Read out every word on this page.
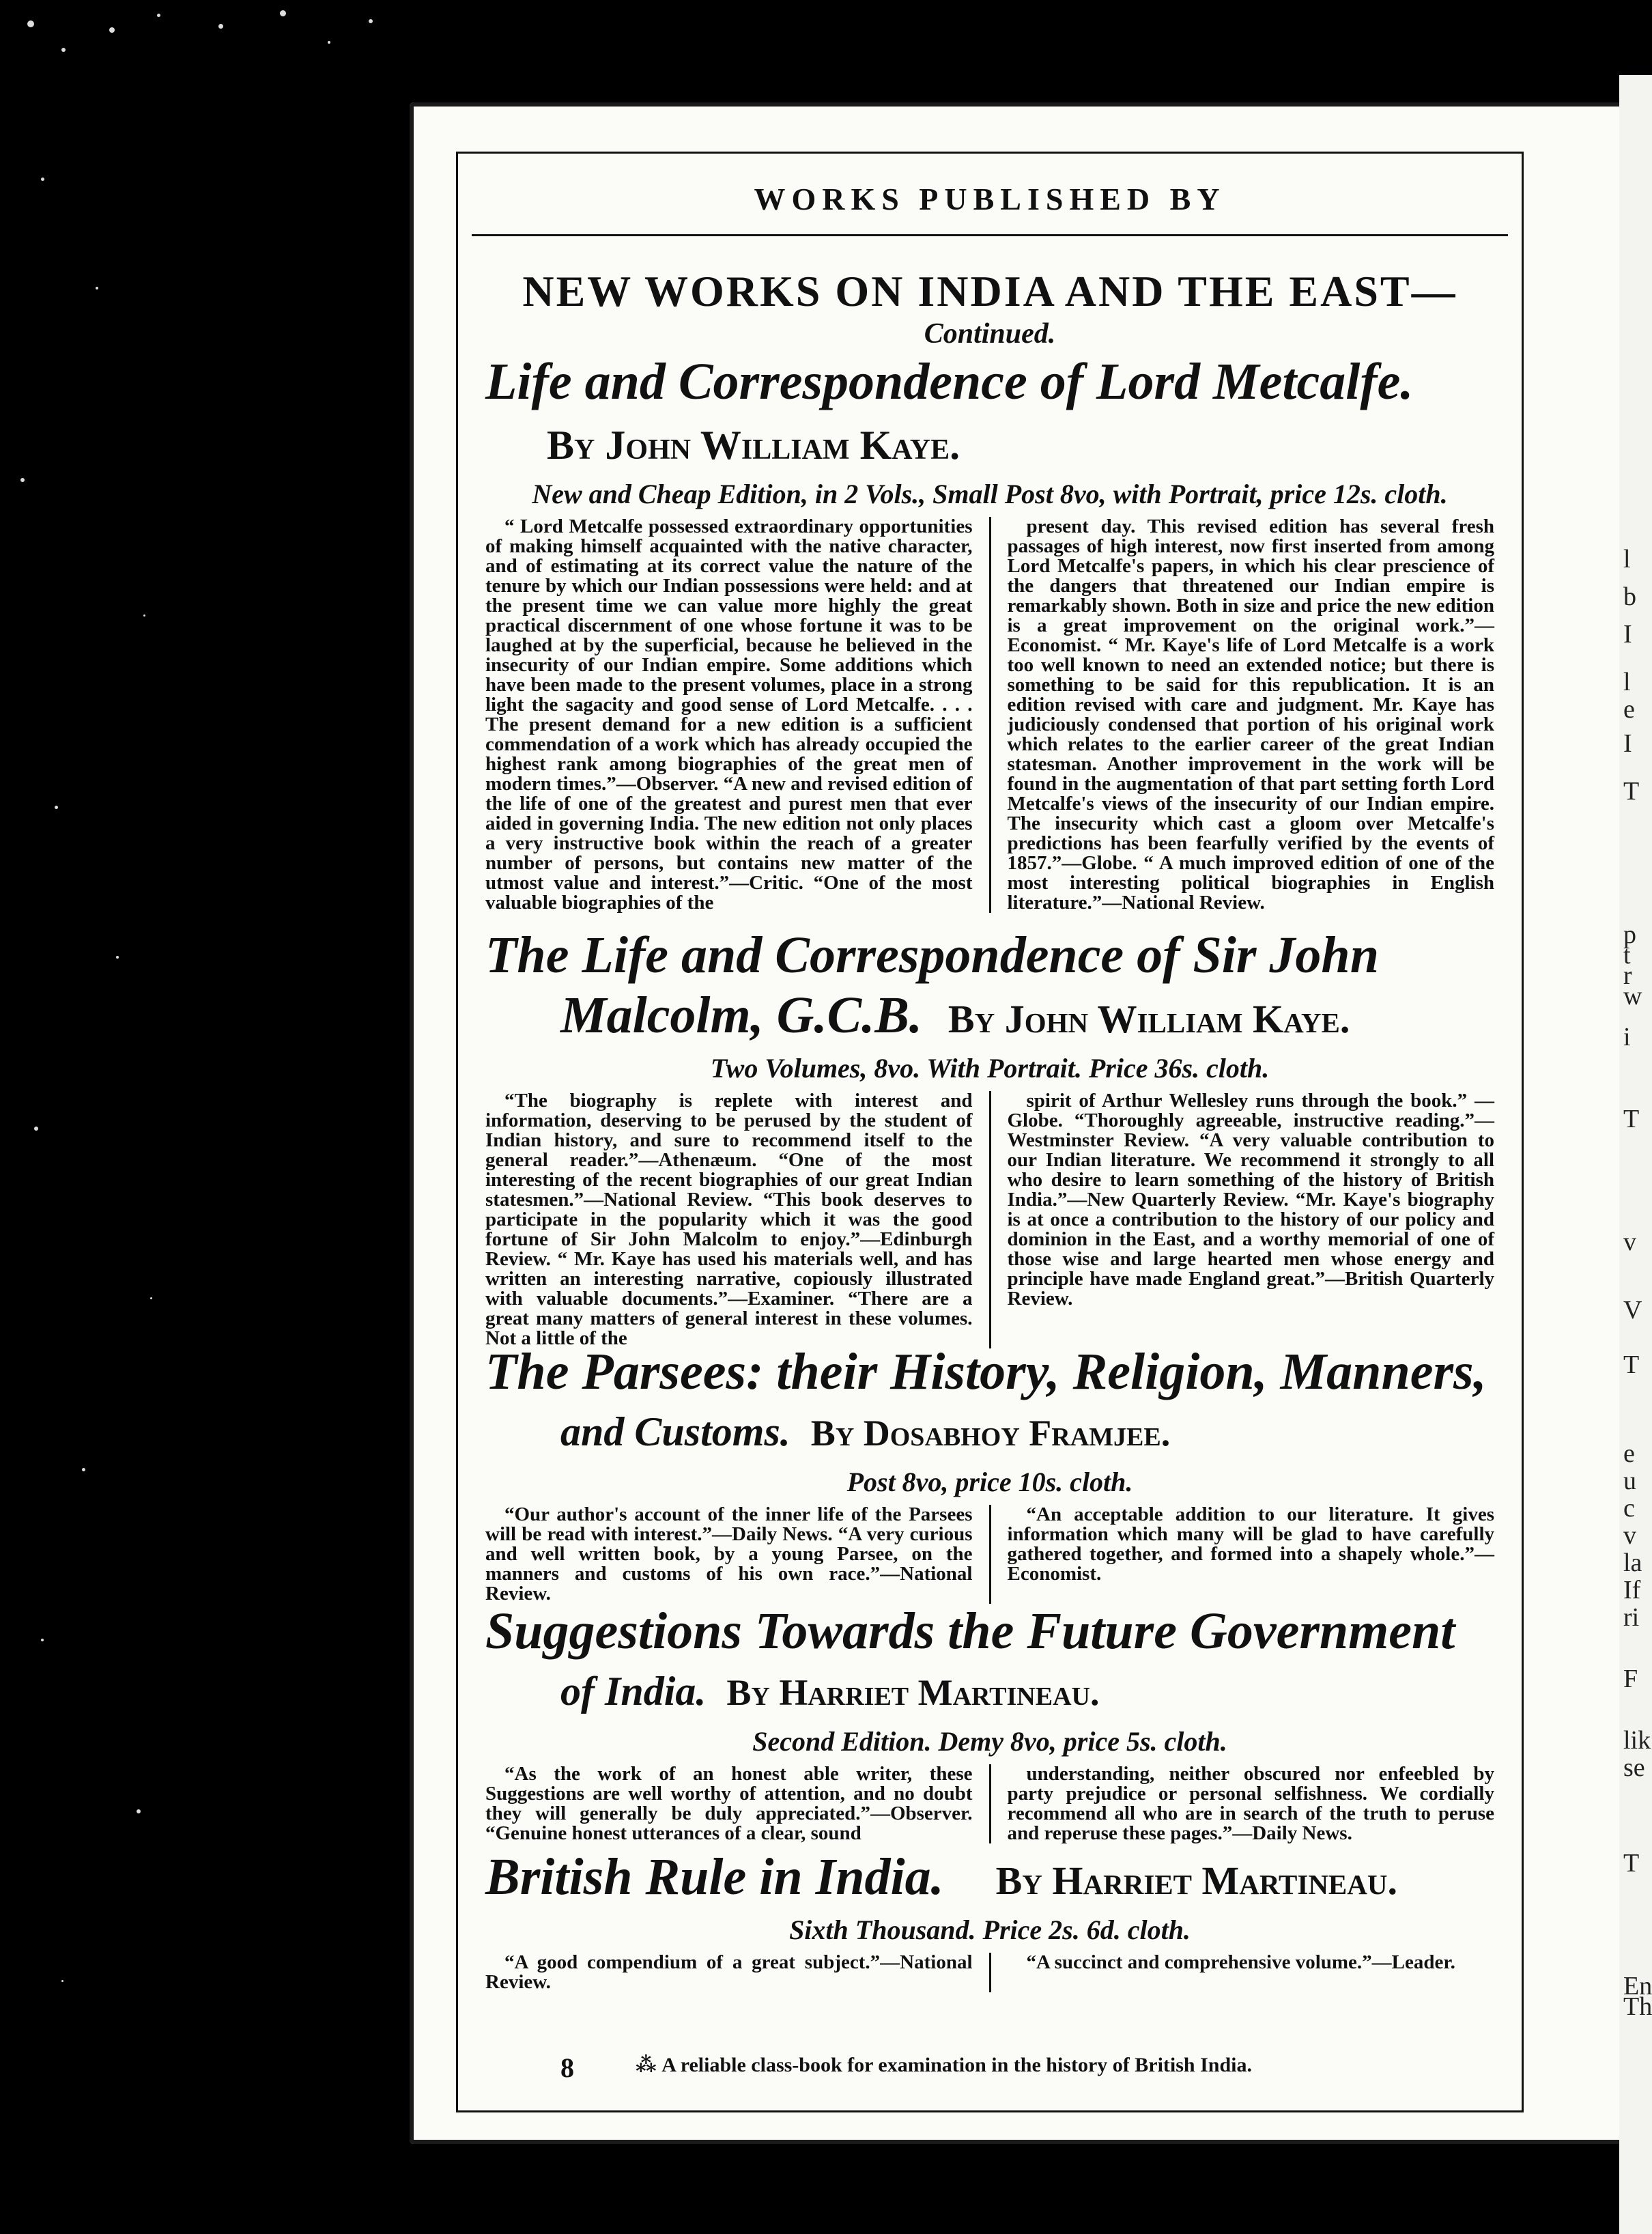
l
b
I
l
e
I
T
p
t
r
w
i
T
v
V
T
e
u
c
v
la
If
ri
F
lik
se
T
En
Th
WORKS PUBLISHED BY
NEW WORKS ON INDIA AND THE EAST—
Continued.
Life and Correspondence of Lord Metcalfe.
By John William Kaye.
New and Cheap Edition, in 2 Vols., Small Post 8vo, with Portrait, price 12s. cloth.

“ Lord Metcalfe possessed extraordinary opportunities of making himself acquainted with the native character, and of estimating at its correct value the nature of the tenure by which our Indian possessions were held: and at the present time we can value more highly the great practical discernment of one whose fortune it was to be laughed at by the superficial, because he believed in the insecurity of our Indian empire. Some additions which have been made to the present volumes, place in a strong light the sagacity and good sense of Lord Metcalfe. . . . The present demand for a new edition is a sufficient commendation of a work which has already occupied the highest rank among biographies of the great men of modern times.”—Observer. “A new and revised edition of the life of one of the greatest and purest men that ever aided in governing India. The new edition not only places a very instructive book within the reach of a greater number of persons, but contains new matter of the utmost value and interest.”—Critic. “One of the most valuable biographies of the

present day. This revised edition has several fresh passages of high interest, now first inserted from among Lord Metcalfe's papers, in which his clear prescience of the dangers that threatened our Indian empire is remarkably shown. Both in size and price the new edition is a great improvement on the original work.”—Economist. “ Mr. Kaye's life of Lord Metcalfe is a work too well known to need an extended notice; but there is something to be said for this republication. It is an edition revised with care and judgment. Mr. Kaye has judiciously condensed that portion of his original work which relates to the earlier career of the great Indian statesman. Another improvement in the work will be found in the augmentation of that part setting forth Lord Metcalfe's views of the insecurity of our Indian empire. The insecurity which cast a gloom over Metcalfe's predictions has been fearfully verified by the events of 1857.”—Globe. “ A much improved edition of one of the most interesting political biographies in English literature.”—National Review.

The Life and Correspondence of Sir John
Malcolm, G.C.B. By John William Kaye.
Two Volumes, 8vo. With Portrait. Price 36s. cloth.

“The biography is replete with interest and information, deserving to be perused by the student of Indian history, and sure to recommend itself to the general reader.”—Athenæum. “One of the most interesting of the recent biographies of our great Indian statesmen.”—National Review. “This book deserves to participate in the popularity which it was the good fortune of Sir John Malcolm to enjoy.”—Edinburgh Review. “ Mr. Kaye has used his materials well, and has written an interesting narrative, copiously illustrated with valuable documents.”—Examiner. “There are a great many matters of general interest in these volumes. Not a little of the

spirit of Arthur Wellesley runs through the book.” —Globe. “Thoroughly agreeable, instructive reading.”—Westminster Review. “A very valuable contribution to our Indian literature. We recommend it strongly to all who desire to learn something of the history of British India.”—New Quarterly Review. “Mr. Kaye's biography is at once a contribution to the history of our policy and dominion in the East, and a worthy memorial of one of those wise and large hearted men whose energy and principle have made England great.”—British Quarterly Review.

The Parsees: their History, Religion, Manners,
and Customs. By Dosabhoy Framjee.
Post 8vo, price 10s. cloth.

“Our author's account of the inner life of the Parsees will be read with interest.”—Daily News. “A very curious and well written book, by a young Parsee, on the manners and customs of his own race.”—National Review.

“An acceptable addition to our literature. It gives information which many will be glad to have carefully gathered together, and formed into a shapely whole.”—Economist.

Suggestions Towards the Future Government
of India. By Harriet Martineau.
Second Edition. Demy 8vo, price 5s. cloth.

“As the work of an honest able writer, these Suggestions are well worthy of attention, and no doubt they will generally be duly appreciated.”—Observer. “Genuine honest utterances of a clear, sound

understanding, neither obscured nor enfeebled by party prejudice or personal selfishness. We cordially recommend all who are in search of the truth to peruse and reperuse these pages.”—Daily News.

British Rule in India. By Harriet Martineau.
Sixth Thousand. Price 2s. 6d. cloth.

“A good compendium of a great subject.”—National Review.

“A succinct and comprehensive volume.”—Leader.

8	⁂ A reliable class-book for examination in the history of British India.
